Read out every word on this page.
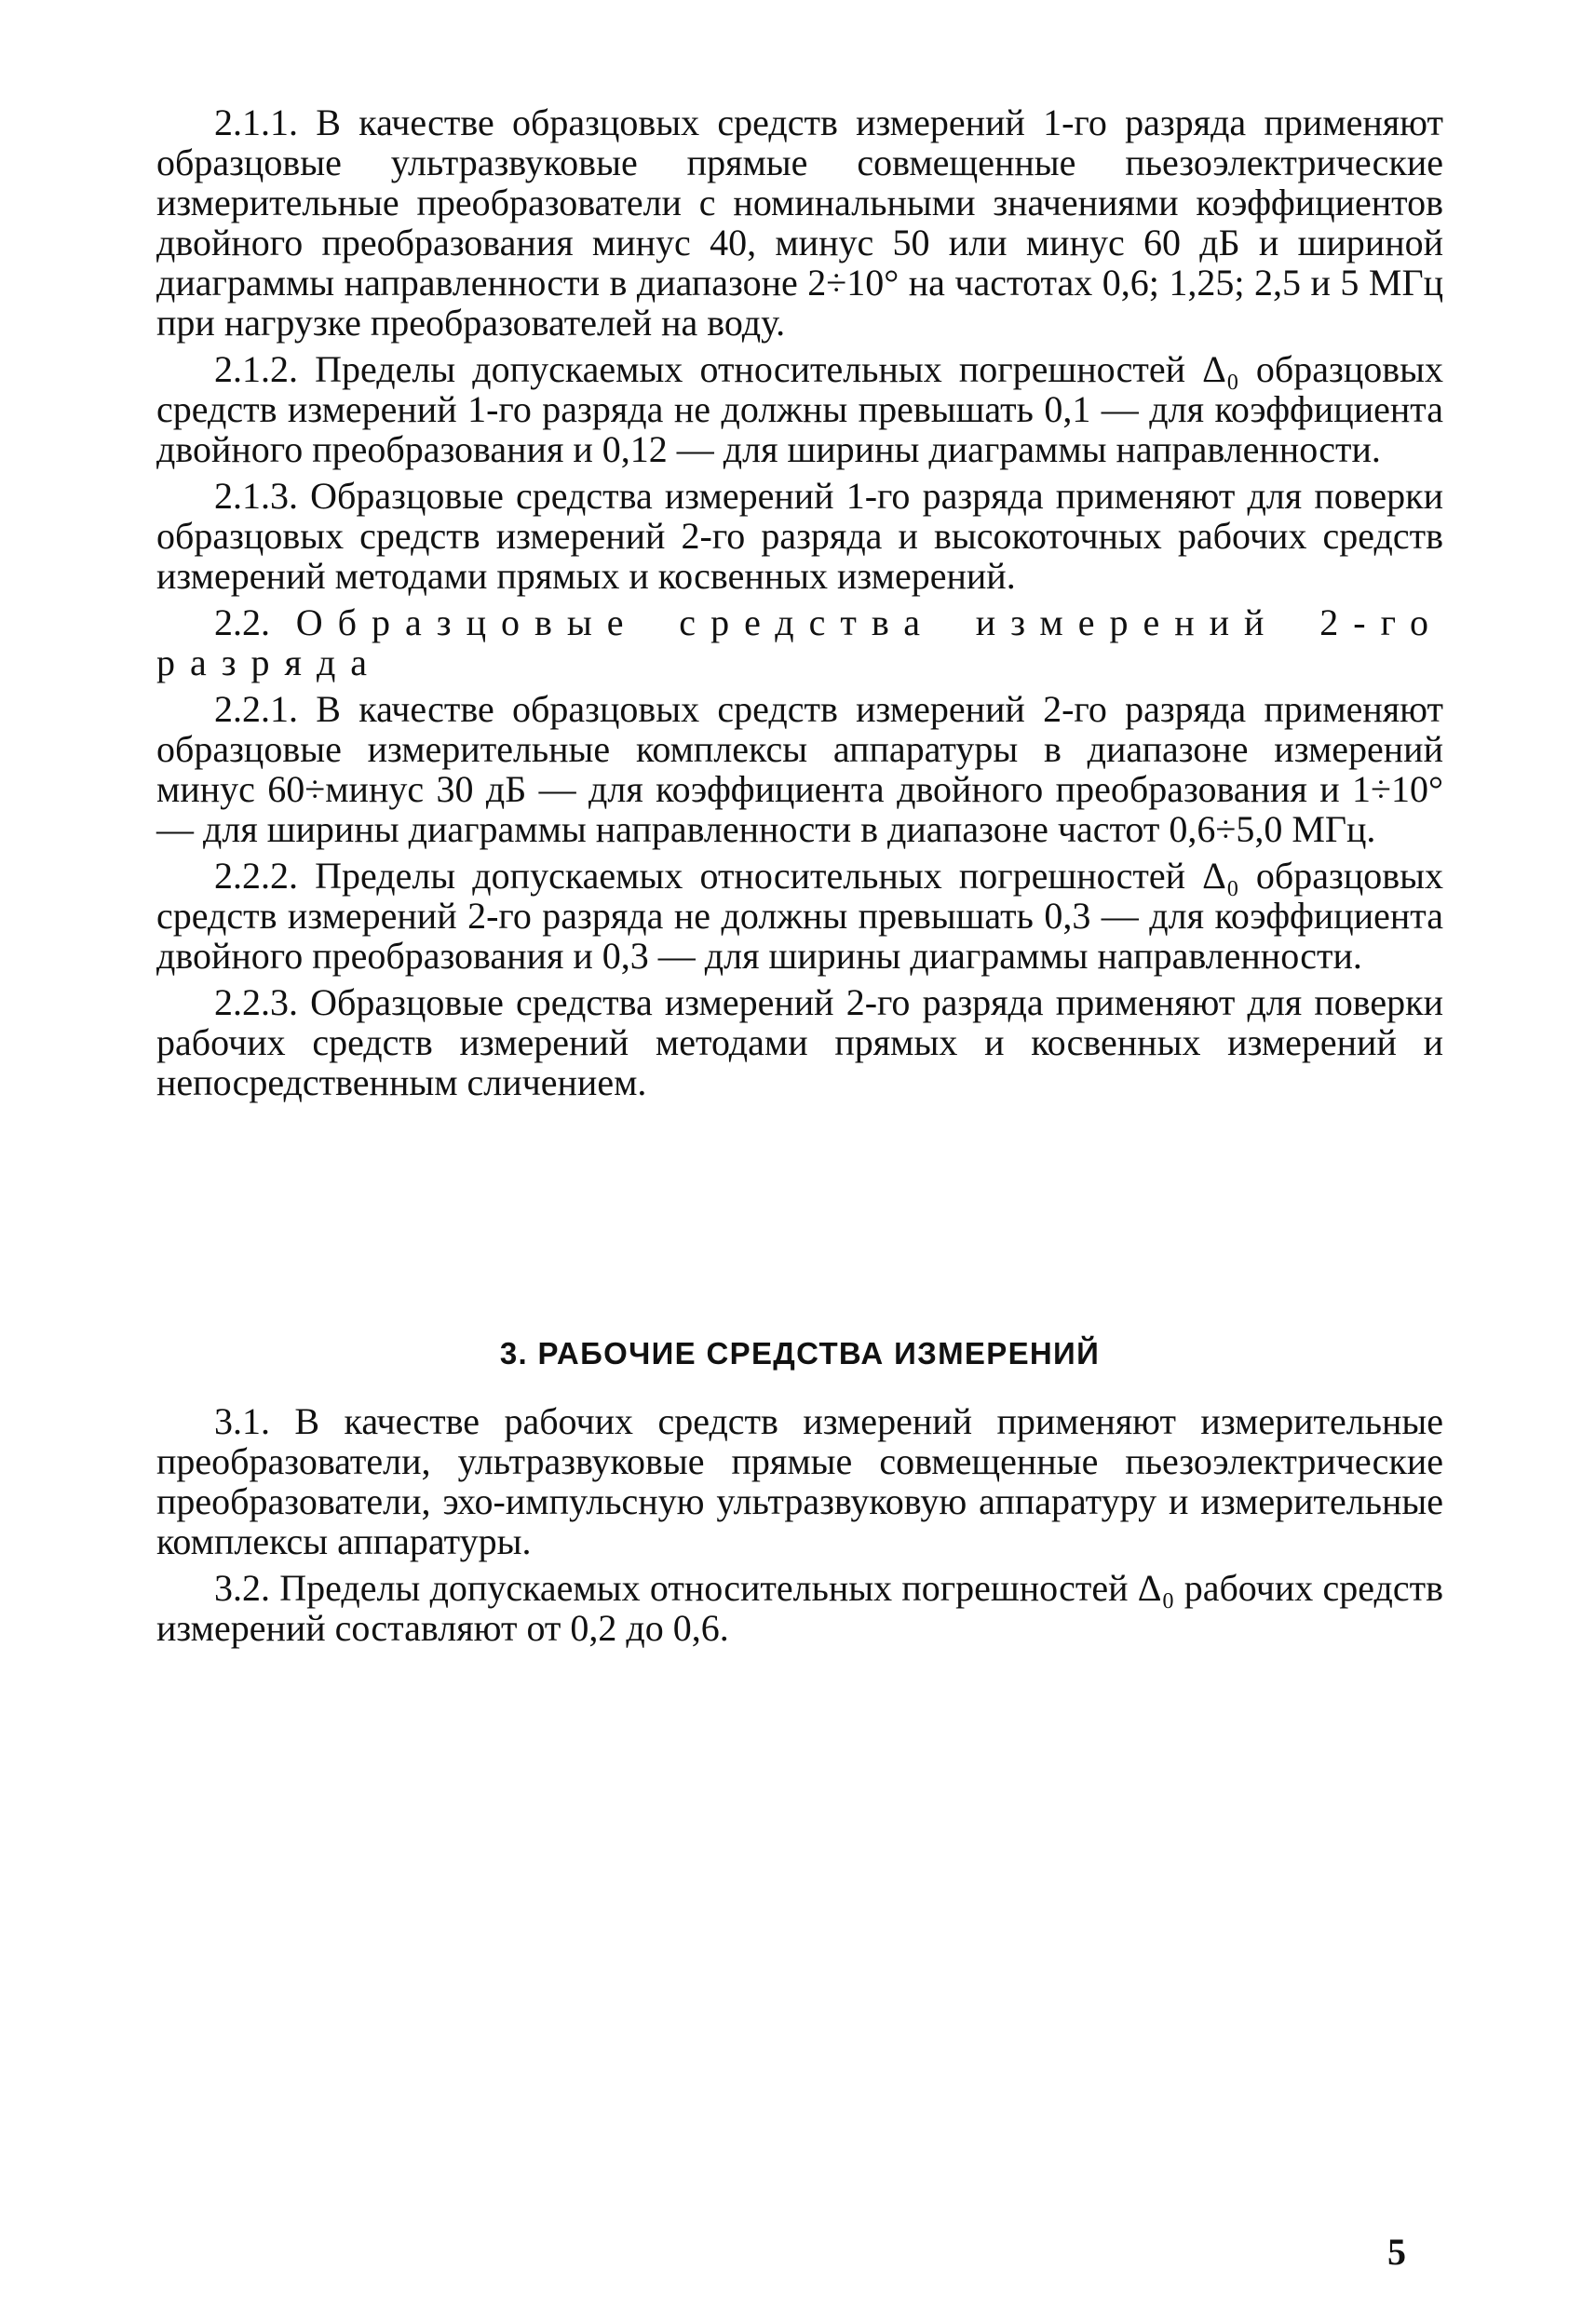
2.1.1. В качестве образцовых средств измерений 1-го разряда применяют образцовые ультразвуковые прямые совмещенные пьезоэлектрические измерительные преобразователи с номинальными значениями коэффициентов двойного преобразования минус 40, минус 50 или минус 60 дБ и шириной диаграммы направленности в диапазоне 2÷10° на частотах 0,6; 1,25; 2,5 и 5 МГц при нагрузке преобразователей на воду.

2.1.2. Пределы допускаемых относительных погрешностей Δ₀ образцовых средств измерений 1-го разряда не должны превышать 0,1 — для коэффициента двойного преобразования и 0,12 — для ширины диаграммы направленности.

2.1.3. Образцовые средства измерений 1-го разряда применяют для поверки образцовых средств измерений 2-го разряда и высокоточных рабочих средств измерений методами прямых и косвенных измерений.

2.2. Образцовые средства измерений 2-го разряда

2.2.1. В качестве образцовых средств измерений 2-го разряда применяют образцовые измерительные комплексы аппаратуры в диапазоне измерений минус 60÷минус 30 дБ — для коэффициента двойного преобразования и 1÷10° — для ширины диаграммы направленности в диапазоне частот 0,6÷5,0 МГц.

2.2.2. Пределы допускаемых относительных погрешностей Δ₀ образцовых средств измерений 2-го разряда не должны превышать 0,3 — для коэффициента двойного преобразования и 0,3 — для ширины диаграммы направленности.

2.2.3. Образцовые средства измерений 2-го разряда применяют для поверки рабочих средств измерений методами прямых и косвенных измерений и непосредственным сличением.

3. РАБОЧИЕ СРЕДСТВА ИЗМЕРЕНИЙ

3.1. В качестве рабочих средств измерений применяют измерительные преобразователи, ультразвуковые прямые совмещенные пьезоэлектрические преобразователи, эхо-импульсную ультразвуковую аппаратуру и измерительные комплексы аппаратуры.

3.2. Пределы допускаемых относительных погрешностей Δ₀ рабочих средств измерений составляют от 0,2 до 0,6.

5
